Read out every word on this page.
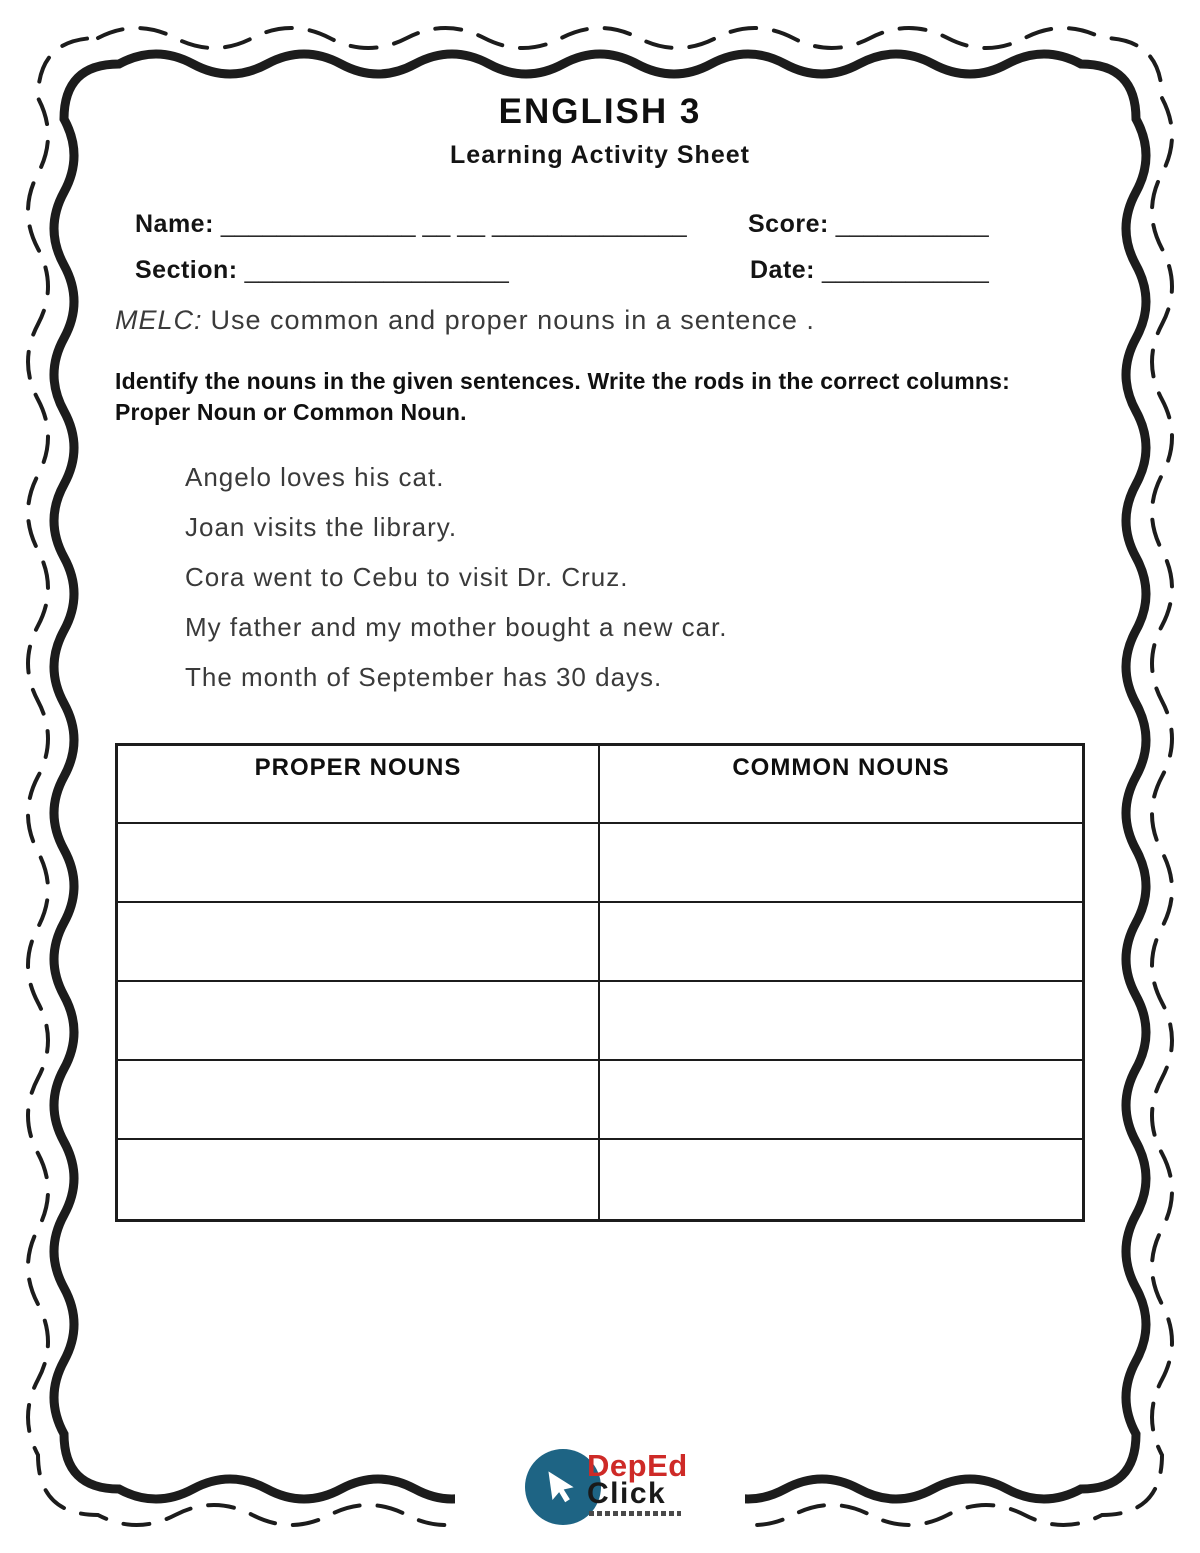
ENGLISH 3
Learning Activity Sheet
Name: ______________ __ __ ______________ Score: ___________
Section: ___________________	Date: ____________
MELC: Use common and proper nouns in a sentence .
Identify the nouns in the given sentences. Write the rods in the correct columns:
Proper Noun or Common Noun.
Angelo loves his cat.
Joan visits the library.
Cora went to Cebu to visit Dr. Cruz.
My father and my mother bought a new car.
The month of September has 30 days.
PROPER NOUNS	COMMON NOUNS
DepEd
Click
